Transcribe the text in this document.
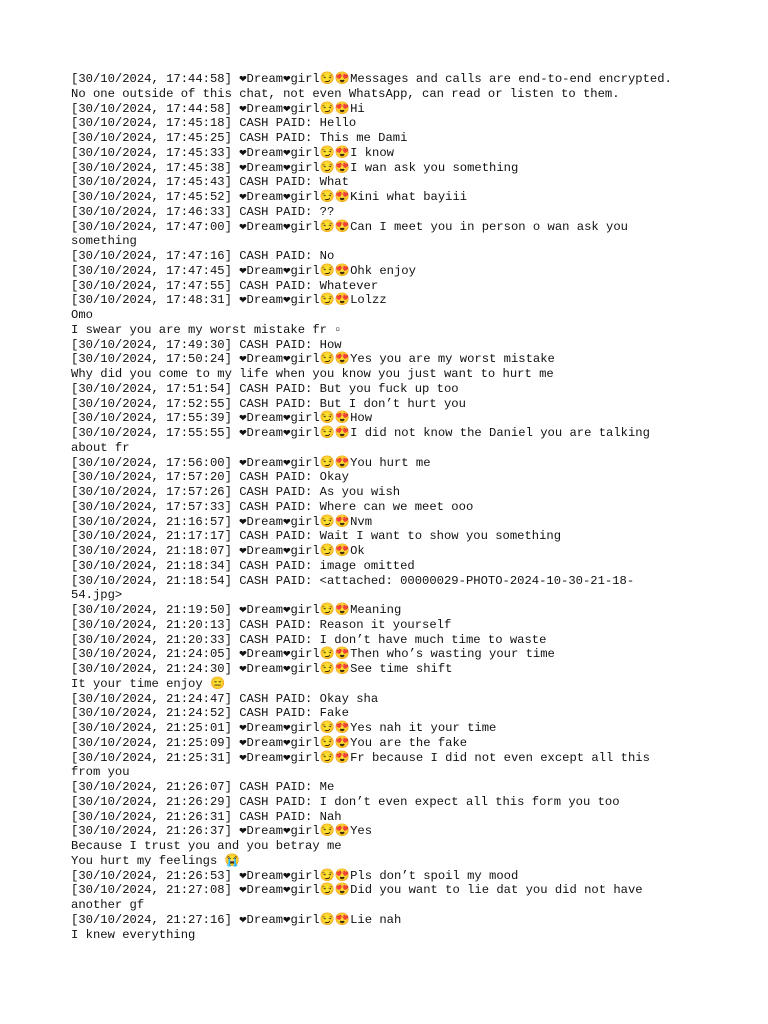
[30/10/2024, 17:44:58] ❤Dream❤girl😏😍Messages and calls are end-to-end encrypted.
No one outside of this chat, not even WhatsApp, can read or listen to them.
‎[30/10/2024, 17:44:58] ❤Dream❤girl😏😍Hi
[30/10/2024, 17:45:18] CASH PAID: Hello
[30/10/2024, 17:45:25] CASH PAID: This me Dami
‎[30/10/2024, 17:45:33] ❤Dream❤girl😏😍I know
‎[30/10/2024, 17:45:38] ❤Dream❤girl😏😍I wan ask you something
[30/10/2024, 17:45:43] CASH PAID: What
‎[30/10/2024, 17:45:52] ❤Dream❤girl😏😍Kini what bayiii
[30/10/2024, 17:46:33] CASH PAID: ??
‎[30/10/2024, 17:47:00] ❤Dream❤girl😏😍Can I meet you in person o wan ask you
something
[30/10/2024, 17:47:16] CASH PAID: No
‎[30/10/2024, 17:47:45] ❤Dream❤girl😏😍Ohk enjoy
[30/10/2024, 17:47:55] CASH PAID: Whatever
‎[30/10/2024, 17:48:31] ❤Dream❤girl😏😍Lolzz
Omo
I swear you are my worst mistake fr ▫
[30/10/2024, 17:49:30] CASH PAID: How
‎[30/10/2024, 17:50:24] ❤Dream❤girl😏😍Yes you are my worst mistake
Why did you come to my life when you know you just want to hurt me
[30/10/2024, 17:51:54] CASH PAID: But you fuck up too
[30/10/2024, 17:52:55] CASH PAID: But I don’t hurt you
‎[30/10/2024, 17:55:39] ❤Dream❤girl😏😍How
‎[30/10/2024, 17:55:55] ❤Dream❤girl😏😍I did not know the Daniel you are talking
about fr
‎[30/10/2024, 17:56:00] ❤Dream❤girl😏😍You hurt me
[30/10/2024, 17:57:20] CASH PAID: Okay
[30/10/2024, 17:57:26] CASH PAID: As you wish
[30/10/2024, 17:57:33] CASH PAID: Where can we meet ooo
‎[30/10/2024, 21:16:57] ❤Dream❤girl😏😍Nvm
[30/10/2024, 21:17:17] CASH PAID: Wait I want to show you something
‎[30/10/2024, 21:18:07] ❤Dream❤girl😏😍Ok
[30/10/2024, 21:18:34] CASH PAID: image omitted
[30/10/2024, 21:18:54] CASH PAID: <attached: 00000029-PHOTO-2024-10-30-21-18-
54.jpg>
‎[30/10/2024, 21:19:50] ❤Dream❤girl😏😍Meaning
[30/10/2024, 21:20:13] CASH PAID: Reason it yourself
[30/10/2024, 21:20:33] CASH PAID: I don’t have much time to waste
‎[30/10/2024, 21:24:05] ❤Dream❤girl😏😍Then who’s wasting your time
‎[30/10/2024, 21:24:30] ❤Dream❤girl😏😍See time shift
It your time enjoy 😑
[30/10/2024, 21:24:47] CASH PAID: Okay sha
[30/10/2024, 21:24:52] CASH PAID: Fake
‎[30/10/2024, 21:25:01] ❤Dream❤girl😏😍Yes nah it your time
‎[30/10/2024, 21:25:09] ❤Dream❤girl😏😍You are the fake
‎[30/10/2024, 21:25:31] ❤Dream❤girl😏😍Fr because I did not even except all this
from you
[30/10/2024, 21:26:07] CASH PAID: Me
[30/10/2024, 21:26:29] CASH PAID: I don’t even expect all this form you too
[30/10/2024, 21:26:31] CASH PAID: Nah
‎[30/10/2024, 21:26:37] ❤Dream❤girl😏😍Yes
Because I trust you and you betray me
You hurt my feelings 😭
‎[30/10/2024, 21:26:53] ❤Dream❤girl😏😍Pls don’t spoil my mood
‎[30/10/2024, 21:27:08] ❤Dream❤girl😏😍Did you want to lie dat you did not have
another gf
‎[30/10/2024, 21:27:16] ❤Dream❤girl😏😍Lie nah
I knew everything
